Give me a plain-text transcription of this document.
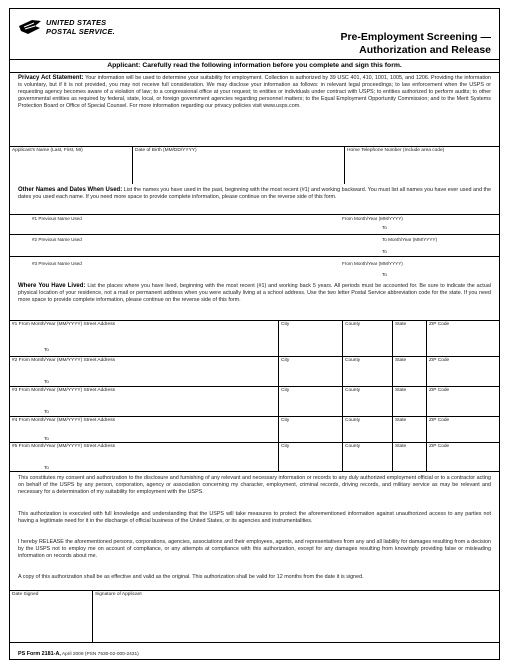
UNITED STATES
POSTAL SERVICE.	Pre-Employment Screening —
Authorization and Release
Applicant: Carefully read the following information before you complete and sign this form.
Privacy Act Statement: Your information will be used to determine your suitability for employment. Collection is authorized by 39 USC 401, 410, 1001, 1005, and 1206. Providing the information is voluntary, but if it is not provided, you may not receive full consideration. We may disclose your information as follows: in relevant legal proceedings; to law enforcement when the USPS or requesting agency becomes aware of a violation of law; to a congressional office at your request; to entities or individuals under contract with USPS; to entities authorized to perform audits; to other governmental entities as required by federal, state, local, or foreign government agencies regarding personnel matters; to the Equal Employment Opportunity Commission; and to the Merit Systems Protection Board or Office of Special Counsel. For more information regarding our privacy policies visit www.usps.com.
Applicant's Name (Last, First, MI)	Date of Birth (MM/DD/YYYY)	Home Telephone Number (Include area code)
Other Names and Dates When Used: List the names you have used in the past, beginning with the most recent (#1) and working backward. You must list all names you have ever used and the dates you used each name. If you need more space to provide complete information, please continue on the reverse side of this form.
#1 Previous Name Used	From Month/Year (MM/YYYY)
To
#2 Previous Name Used	To Month/Year (MM/YYYY)
To
#3 Previous Name Used	From Month/Year (MM/YYYY)
To
Where You Have Lived: List the places where you have lived, beginning with the most recent (#1) and working back 5 years. All periods must be accounted for. Be sure to indicate the actual physical location of your residence, not a mail or permanent address when you were actually living at a school address. Use the two letter Postal Service abbreviation code for the state. If you need more space to provide complete information, please continue on the reverse side of this form.
#1 From Month/Year (MM/YYYY) Street Address	City	County	State	ZIP Code
To
#2 From Month/Year (MM/YYYY) Street Address	City	County	State	ZIP Code
To
#3 From Month/Year (MM/YYYY) Street Address	City	County	State	ZIP Code
To
#4 From Month/Year (MM/YYYY) Street Address	City	County	State	ZIP Code
To
#5 From Month/Year (MM/YYYY) Street Address	City	County	State	ZIP Code
To
This constitutes my consent and authorization to the disclosure and furnishing of any relevant and necessary information or records to any duly authorized employment official or to a contractor acting on behalf of the USPS by any person, corporation, agency or association concerning my character, employment, criminal records, driving records, and military service as may be relevant and necessary for a determination of my suitability for employment with the USPS.
This authorization is executed with full knowledge and understanding that the USPS will take measures to protect the aforementioned information against unauthorized access to any parties not having a legitimate need for it in the discharge of official business of the United States, or its agencies and instrumentalities.
I hereby RELEASE the aforementioned persons, corporations, agencies, associations and their employees, agents, and representatives from any and all liability for damages resulting from a decision by the USPS not to employ me on account of compliance, or any attempts at compliance with this authorization, except for any damages resulting from knowingly providing false or misleading information on records about me.
A copy of this authorization shall be as effective and valid as the original. This authorization shall be valid for 12 months from the date it is signed.
Date Signed	Signature of Applicant
PS Form 2181-A, April 2009 (PSN 7530-02-000-2431)
